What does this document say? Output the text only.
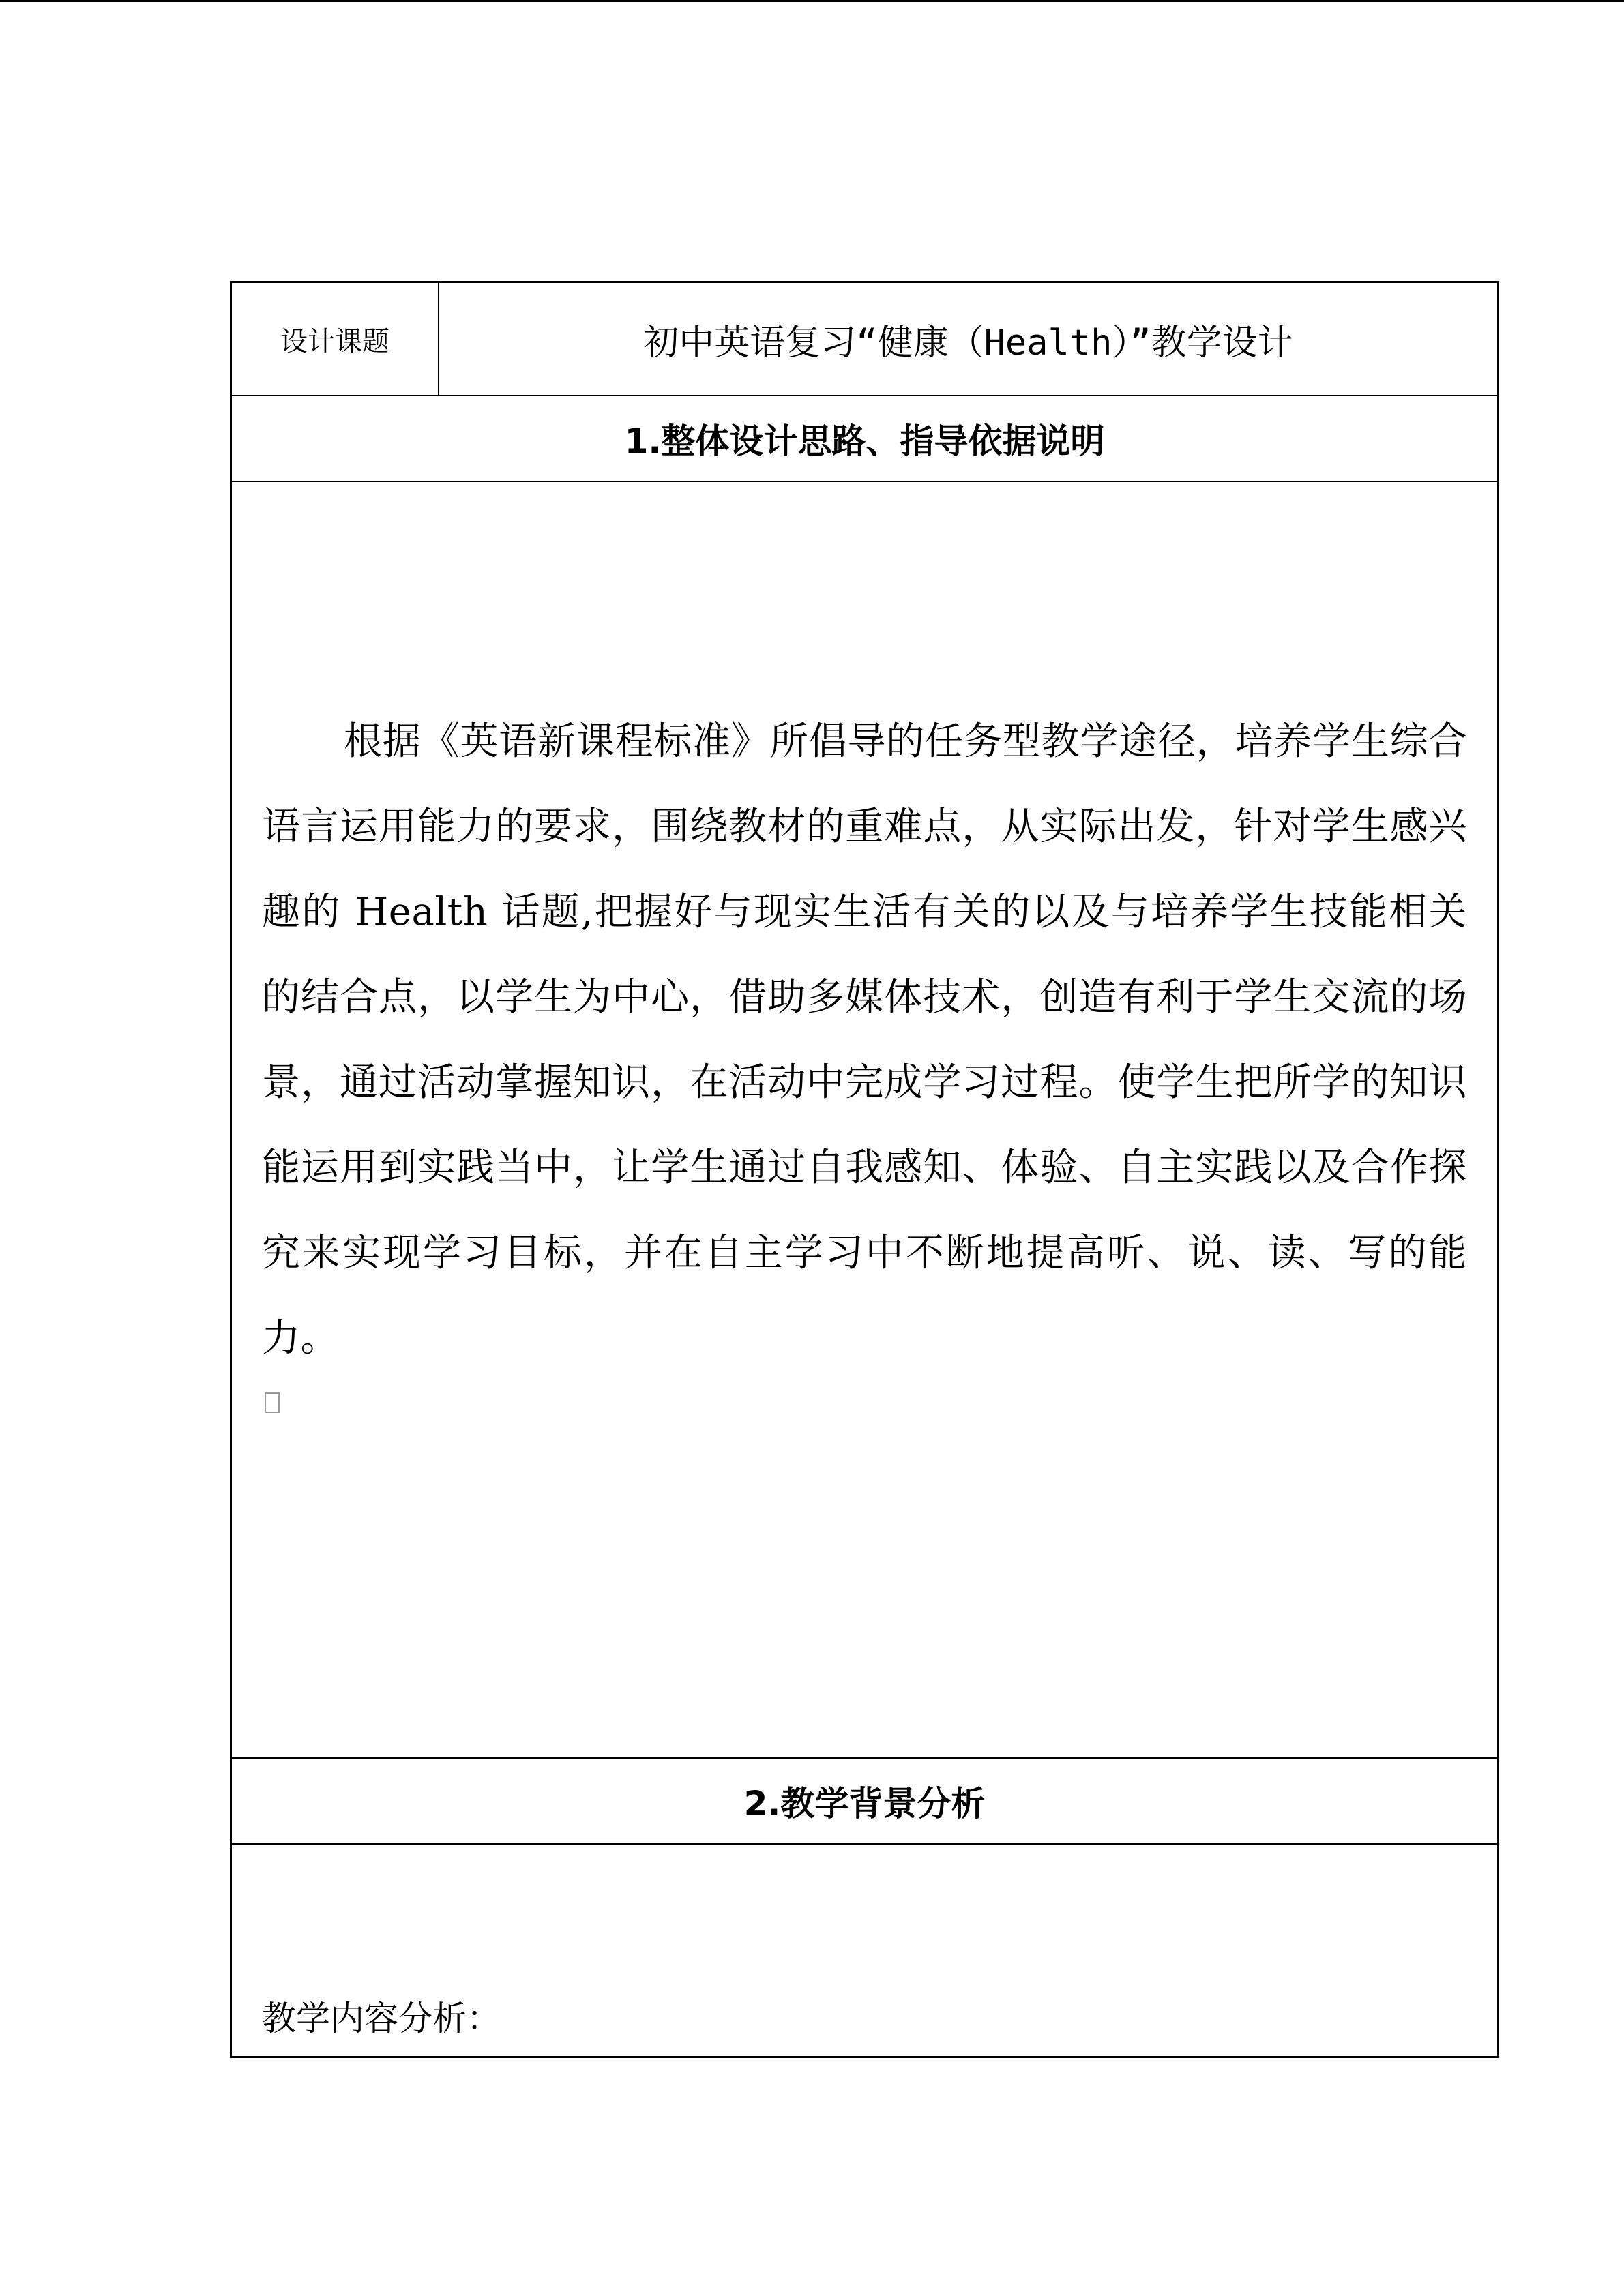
设计课题	初中英语复习“健康（Health）”教学设计
1.整体设计思路、指导依据说明

根据《英语新课程标准》所倡导的任务型教学途径，培养学生综合语言运用能力的要求，围绕教材的重难点，从实际出发，针对学生感兴趣的 Health 话题,把握好与现实生活有关的以及与培养学生技能相关的结合点，以学生为中心，借助多媒体技术，创造有利于学生交流的场景，通过活动掌握知识，在活动中完成学习过程。使学生把所学的知识能运用到实践当中，让学生通过自我感知、体验、自主实践以及合作探究来实现学习目标，并在自主学习中不断地提高听、说、读、写的能力。

2.教学背景分析
教学内容分析：
